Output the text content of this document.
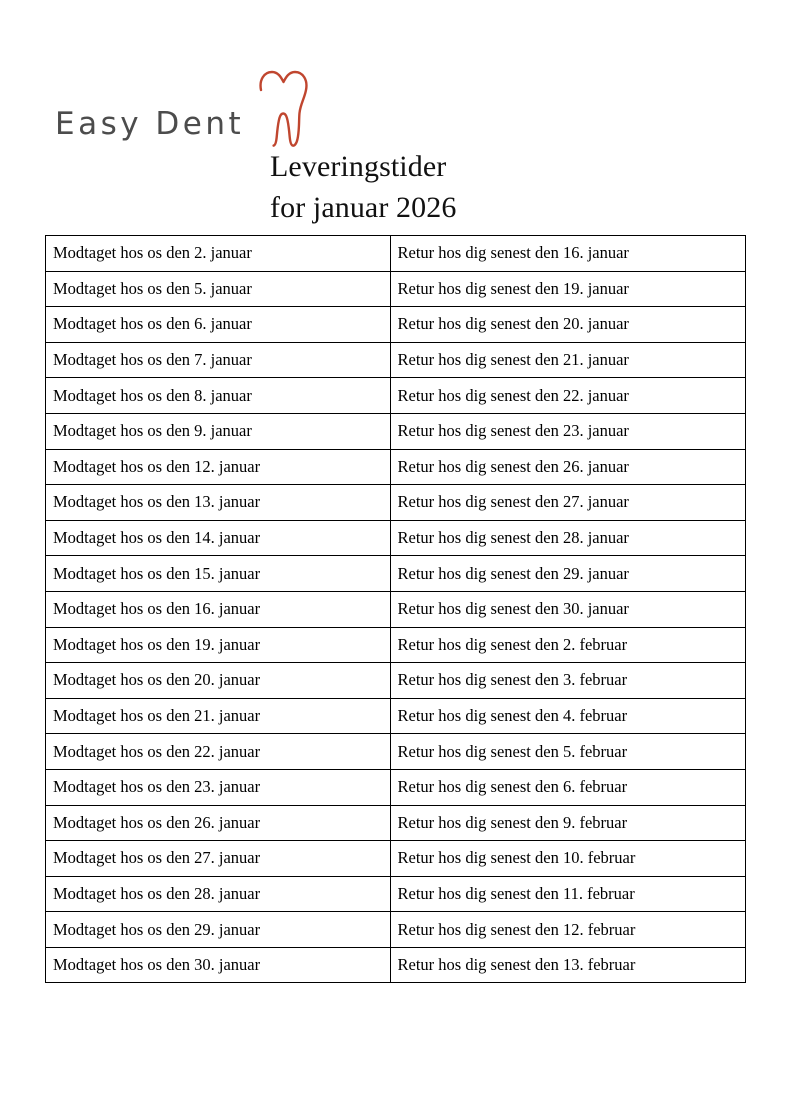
Easy Dent
Leveringstider
for januar 2026
Modtaget hos os den 2. januar	Retur hos dig senest den 16. januar
Modtaget hos os den 5. januar	Retur hos dig senest den 19. januar
Modtaget hos os den 6. januar	Retur hos dig senest den 20. januar
Modtaget hos os den 7. januar	Retur hos dig senest den 21. januar
Modtaget hos os den 8. januar	Retur hos dig senest den 22. januar
Modtaget hos os den 9. januar	Retur hos dig senest den 23. januar
Modtaget hos os den 12. januar	Retur hos dig senest den 26. januar
Modtaget hos os den 13. januar	Retur hos dig senest den 27. januar
Modtaget hos os den 14. januar	Retur hos dig senest den 28. januar
Modtaget hos os den 15. januar	Retur hos dig senest den 29. januar
Modtaget hos os den 16. januar	Retur hos dig senest den 30. januar
Modtaget hos os den 19. januar	Retur hos dig senest den 2. februar
Modtaget hos os den 20. januar	Retur hos dig senest den 3. februar
Modtaget hos os den 21. januar	Retur hos dig senest den 4. februar
Modtaget hos os den 22. januar	Retur hos dig senest den 5. februar
Modtaget hos os den 23. januar	Retur hos dig senest den 6. februar
Modtaget hos os den 26. januar	Retur hos dig senest den 9. februar
Modtaget hos os den 27. januar	Retur hos dig senest den 10. februar
Modtaget hos os den 28. januar	Retur hos dig senest den 11. februar
Modtaget hos os den 29. januar	Retur hos dig senest den 12. februar
Modtaget hos os den 30. januar	Retur hos dig senest den 13. februar
